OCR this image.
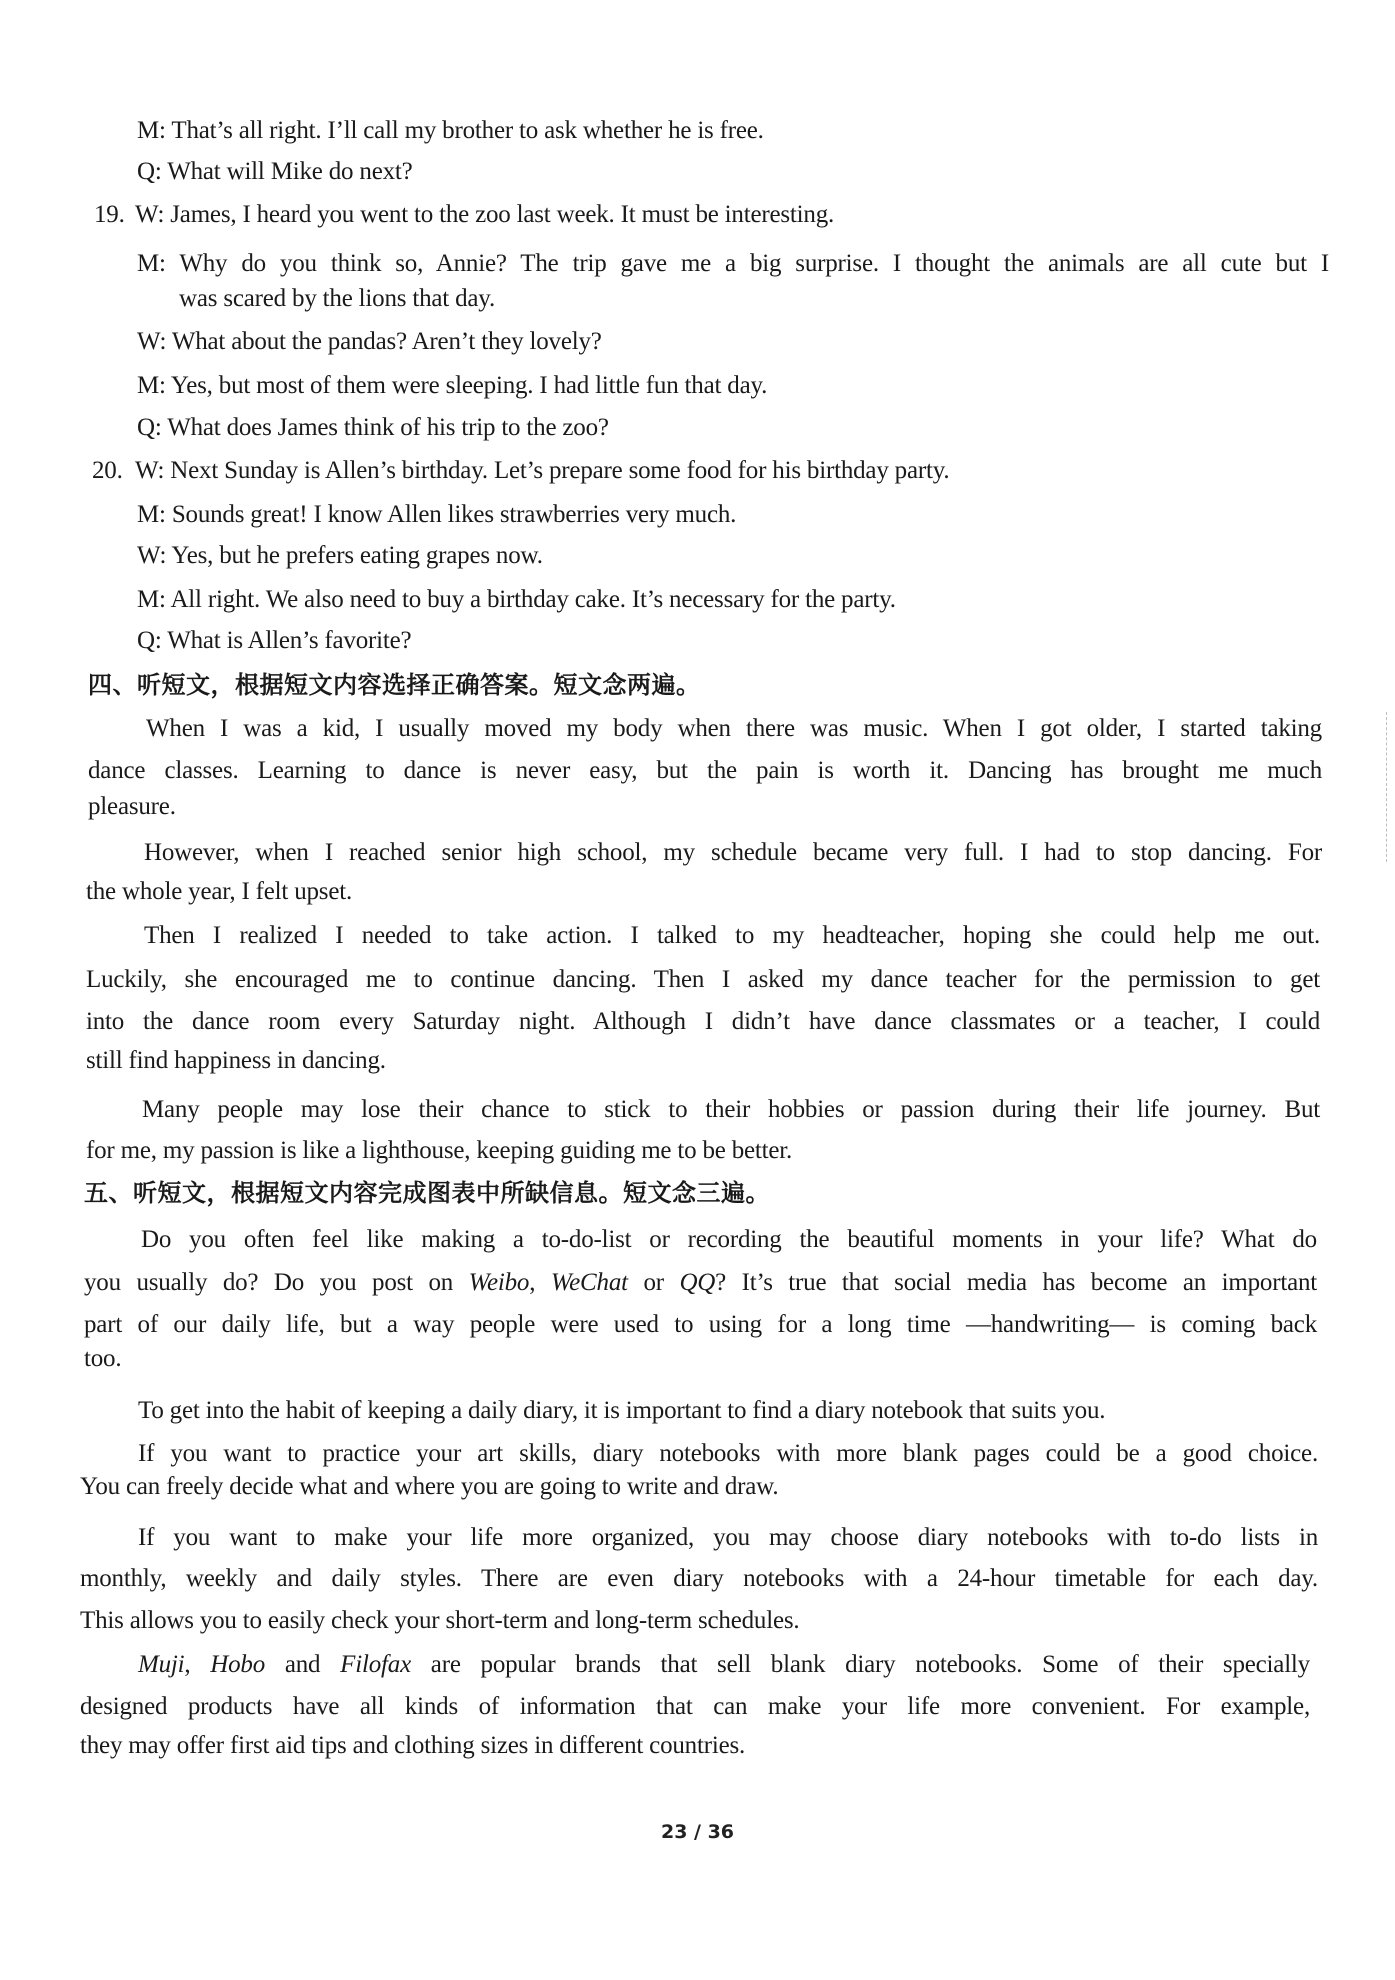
M: That’s all right. I’ll call my brother to ask whether he is free.
Q: What will Mike do next?
19. W: James, I heard you went to the zoo last week. It must be interesting.
M: Why do you think so, Annie? The trip gave me a big surprise. I thought the animals are all cute but I
was scared by the lions that day.
W: What about the pandas? Aren’t they lovely?
M: Yes, but most of them were sleeping. I had little fun that day.
Q: What does James think of his trip to the zoo?
20. W: Next Sunday is Allen’s birthday. Let’s prepare some food for his birthday party.
M: Sounds great! I know Allen likes strawberries very much.
W: Yes, but he prefers eating grapes now.
M: All right. We also need to buy a birthday cake. It’s necessary for the party.
Q: What is Allen’s favorite?
四、听短文，根据短文内容选择正确答案。短文念两遍。
When I was a kid, I usually moved my body when there was music. When I got older, I started taking
dance classes. Learning to dance is never easy, but the pain is worth it. Dancing has brought me much
pleasure.
However, when I reached senior high school, my schedule became very full. I had to stop dancing. For
the whole year, I felt upset.
Then I realized I needed to take action. I talked to my headteacher, hoping she could help me out.
Luckily, she encouraged me to continue dancing. Then I asked my dance teacher for the permission to get
into the dance room every Saturday night. Although I didn’t have dance classmates or a teacher, I could
still find happiness in dancing.
Many people may lose their chance to stick to their hobbies or passion during their life journey. But
for me, my passion is like a lighthouse, keeping guiding me to be better.
五、听短文，根据短文内容完成图表中所缺信息。短文念三遍。
Do you often feel like making a to-do-list or recording the beautiful moments in your life? What do
you usually do? Do you post on Weibo, WeChat or QQ? It’s true that social media has become an important
part of our daily life, but a way people were used to using for a long time —handwriting— is coming back
too.
To get into the habit of keeping a daily diary, it is important to find a diary notebook that suits you.
If you want to practice your art skills, diary notebooks with more blank pages could be a good choice.
You can freely decide what and where you are going to write and draw.
If you want to make your life more organized, you may choose diary notebooks with to-do lists in
monthly, weekly and daily styles. There are even diary notebooks with a 24-hour timetable for each day.
This allows you to easily check your short-term and long-term schedules.
Muji, Hobo and Filofax are popular brands that sell blank diary notebooks. Some of their specially
designed products have all kinds of information that can make your life more convenient. For example,
they may offer first aid tips and clothing sizes in different countries.
23 / 36
